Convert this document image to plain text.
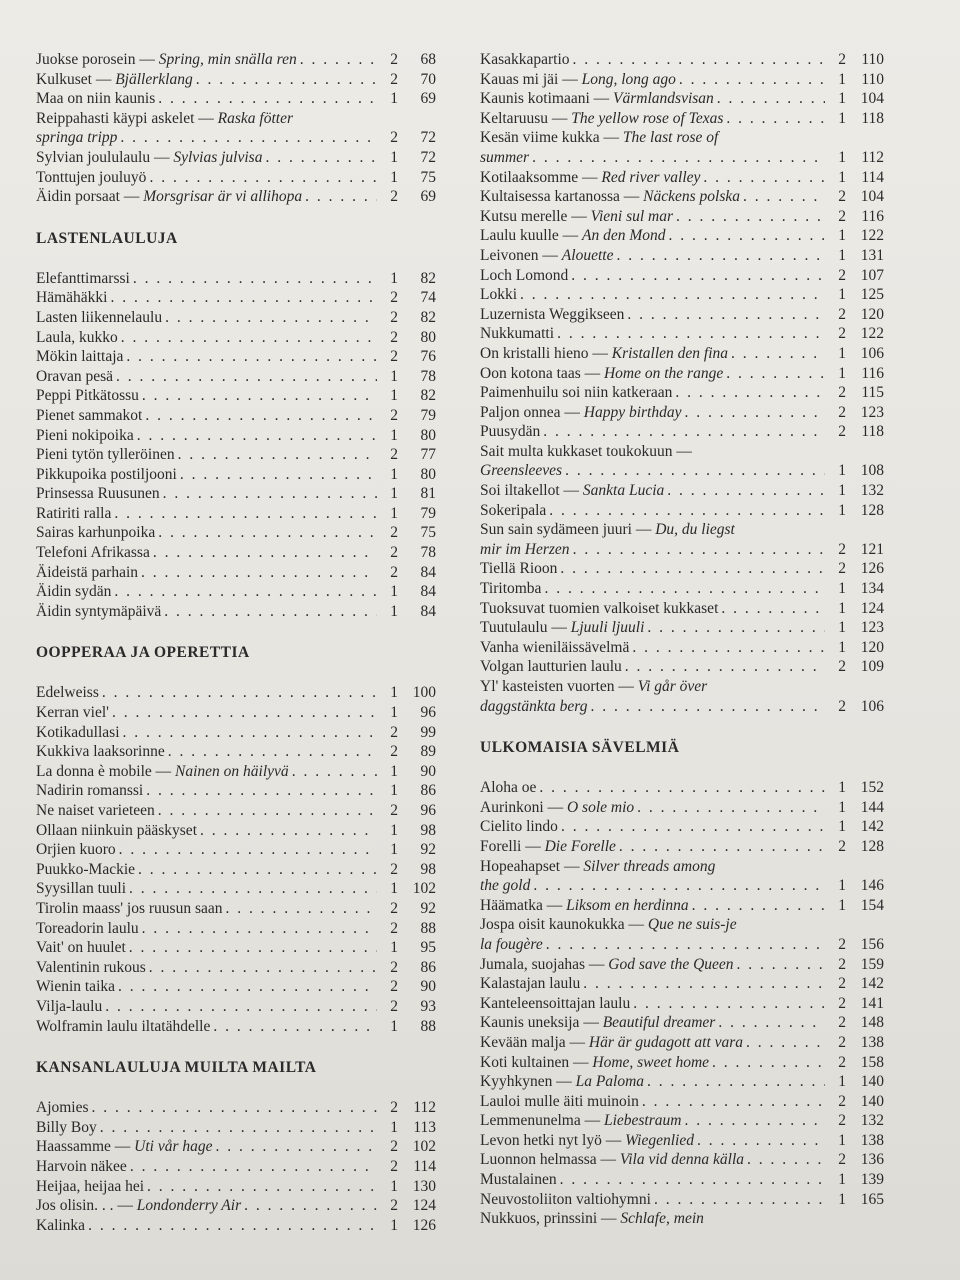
Juokse porosein — Spring, min snälla ren . . .	2	68
Kulkuset — Bjällerklang . . .	2	70
Maa on niin kaunis . . .	1	69
Reippahasti käypi askelet — Raska fötter
springa tripp . . .	2	72
Sylvian joululaulu — Sylvias julvisa . . .	1	72
Tonttujen jouluyö . . .	1	75
Äidin porsaat — Morsgrisar är vi allihopa . . .	2	69
LASTENLAULUJA
Elefanttimarssi . . .	1	82
Hämähäkki . . .	2	74
Lasten liikennelaulu . . .	2	82
Laula, kukko . . .	2	80
Mökin laittaja . . .	2	76
Oravan pesä . . .	1	78
Peppi Pitkätossu . . .	1	82
Pienet sammakot . . .	2	79
Pieni nokipoika . . .	1	80
Pieni tytön tylleröinen . . .	2	77
Pikkupoika postiljooni . . .	1	80
Prinsessa Ruusunen . . .	1	81
Ratiriti ralla . . .	1	79
Sairas karhunpoika . . .	2	75
Telefoni Afrikassa . . .	2	78
Äideistä parhain . . .	2	84
Äidin sydän . . .	1	84
Äidin syntymäpäivä . . .	1	84
OOPPERAA JA OPERETTIA
Edelweiss . . .	1 100
Kerran viel' . . .	1	96
Kotikadullasi . . .	2	99
Kukkiva laaksorinne . . .	2	89
La donna è mobile — Nainen on häilyvä . . .	1	90
Nadirin romanssi . . .	1	86
Ne naiset varieteen . . .	2	96
Ollaan niinkuin pääskyset . . .	1	98
Orjien kuoro . . .	1	92
Puukko-Mackie . . .	2	98
Syysillan tuuli . . .	1 102
Tirolin maass' jos ruusun saan . . .	2	92
Toreadorin laulu . . .	2	88
Vait' on huulet . . .	1	95
Valentinin rukous . . .	2	86
Wienin taika . . .	2	90
Vilja-laulu . . .	2	93
Wolframin laulu iltatähdelle . . .	1	88
KANSANLAULUJA MUILTA MAILTA
Ajomies . . .	2 112
Billy Boy . . .	1 113
Haassamme — Uti vår hage . . .	2 102
Harvoin näkee . . .	2 114
Heijaa, heijaa hei . . .	1 130
Jos olisin. . . — Londonderry Air . . .	2 124
Kalinka . . .	1 126
Kasakkapartio . . .	2 110
Kauas mi jäi — Long, long ago . . .	1 110
Kaunis kotimaani — Värmlandsvisan . . .	1 104
Keltaruusu — The yellow rose of Texas . . .	1 118
Kesän viime kukka — The last rose of
summer . . .	1 112
Kotilaaksomme — Red river valley . . .	1 114
Kultaisessa kartanossa — Näckens polska . . .	2 104
Kutsu merelle — Vieni sul mar . . .	2 116
Laulu kuulle — An den Mond . . .	1 122
Leivonen — Alouette . . .	1 131
Loch Lomond . . .	2 107
Lokki . . .	1 125
Luzernista Weggikseen . . .	2 120
Nukkumatti . . .	2 122
On kristalli hieno — Kristallen den fina . . .	1 106
Oon kotona taas — Home on the range . . .	1 116
Paimenhuilu soi niin katkeraan . . .	2 115
Paljon onnea — Happy birthday . . .	2 123
Puusydän . . .	2 118
Sait multa kukkaset toukokuun —
Greensleeves . . .	1 108
Soi iltakellot — Sankta Lucia . . .	1 132
Sokeripala . . .	1 128
Sun sain sydämeen juuri — Du, du liegst
mir im Herzen . . .	2 121
Tiellä Rioon . . .	2 126
Tiritomba . . .	1 134
Tuoksuvat tuomien valkoiset kukkaset . . .	1 124
Tuutulaulu — Ljuuli ljuuli . . .	1 123
Vanha wieniläissävelmä . . .	1 120
Volgan lautturien laulu . . .	2 109
Yl' kasteisten vuorten — Vi går över
daggstänkta berg . . .	2 106
ULKOMAISIA SÄVELMIÄ
Aloha oe . . .	1 152
Aurinkoni — O sole mio . . .	1 144
Cielito lindo . . .	1 142
Forelli — Die Forelle . . .	2 128
Hopeahapset — Silver threads among
the gold . . .	1 146
Häämatka — Liksom en herdinna . . .	1 154
Jospa oisit kaunokukka — Que ne suis-je
la fougère . . .	2 156
Jumala, suojahas — God save the Queen . . .	2 159
Kalastajan laulu . . .	2 142
Kanteleensoittajan laulu . . .	2 141
Kaunis uneksija — Beautiful dreamer . . .	2 148
Kevään malja — Här är gudagott att vara . . .	2 138
Koti kultainen — Home, sweet home . . .	2 158
Kyyhkynen — La Paloma . . .	1 140
Lauloi mulle äiti muinoin . . .	2 140
Lemmenunelma — Liebestraum . . .	2 132
Levon hetki nyt lyö — Wiegenlied . . .	1 138
Luonnon helmassa — Vila vid denna källa . . .	2 136
Mustalainen . . .	1 139
Neuvostoliiton valtiohymni . . .	1 165
Nukkuos, prinssini — Schlafe, mein
